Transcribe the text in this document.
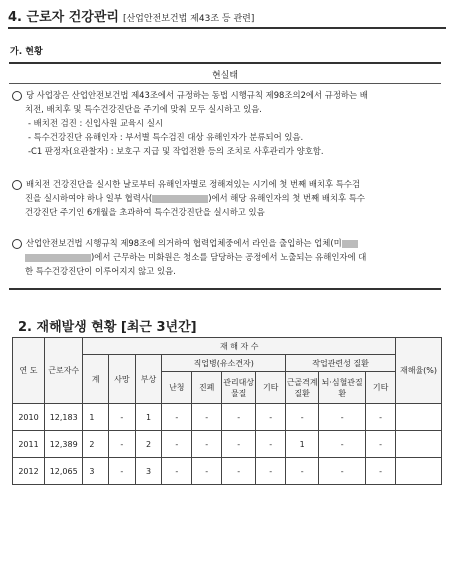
4. 근로자 건강관리 [산업안전보건법 제43조 등 관련]
가. 현황
현실태
당 사업장은 산업안전보건법 제43조에서 규정하는 동법 시행규칙 제98조의2에서 규정하는 배
치전, 배치후 및 특수건강진단을 주기에 맞춰 모두 실시하고 있음.
- 배치전 검진 : 신입사원 교육시 실시
- 특수건강진단 유해인자 : 부서별 특수검진 대상 유해인자가 분류되어 있음.
-C1 판정자(요관찰자) : 보호구 지급 및 작업전환 등의 조치로 사후관리가 양호함.
배치전 건강진단을 실시한 날로부터 유해인자별로 정해져있는 시기에 첫 번째 배치후 특수검
진을 실시하여야 하나 일부 협력사(	)에서 해당 유해인자의 첫 번째 배치후 특수
건강진단 주기인 6개월을 초과하여 특수건강진단을 실시하고 있음
산업안전보건법 시행규칙 제98조에 의거하여 협력업체중에서 라인을 출입하는 업체(미
)에서 근무하는 미화원은 청소를 담당하는 공정에서 노출되는 유해인자에 대
한 특수건강진단이 이루어지지 않고 있음.
2. 재해발생 현황 [최근 3년간]
연 도	근로자수	재 해 자 수										재해율(%)
		계	사망	부상	직업병(유소견자)				작업관련성 질환			
					난청	진폐	관리대상물질	기타	근골격계질환	뇌·심혈관질환	기타	
2010	12,183	1	-	1	-	-	-	-	-	-	-	
2011	12,389	2	-	2	-	-	-	-	1	-	-	
2012	12,065	3	-	3	-	-	-	-	-	-	-	
